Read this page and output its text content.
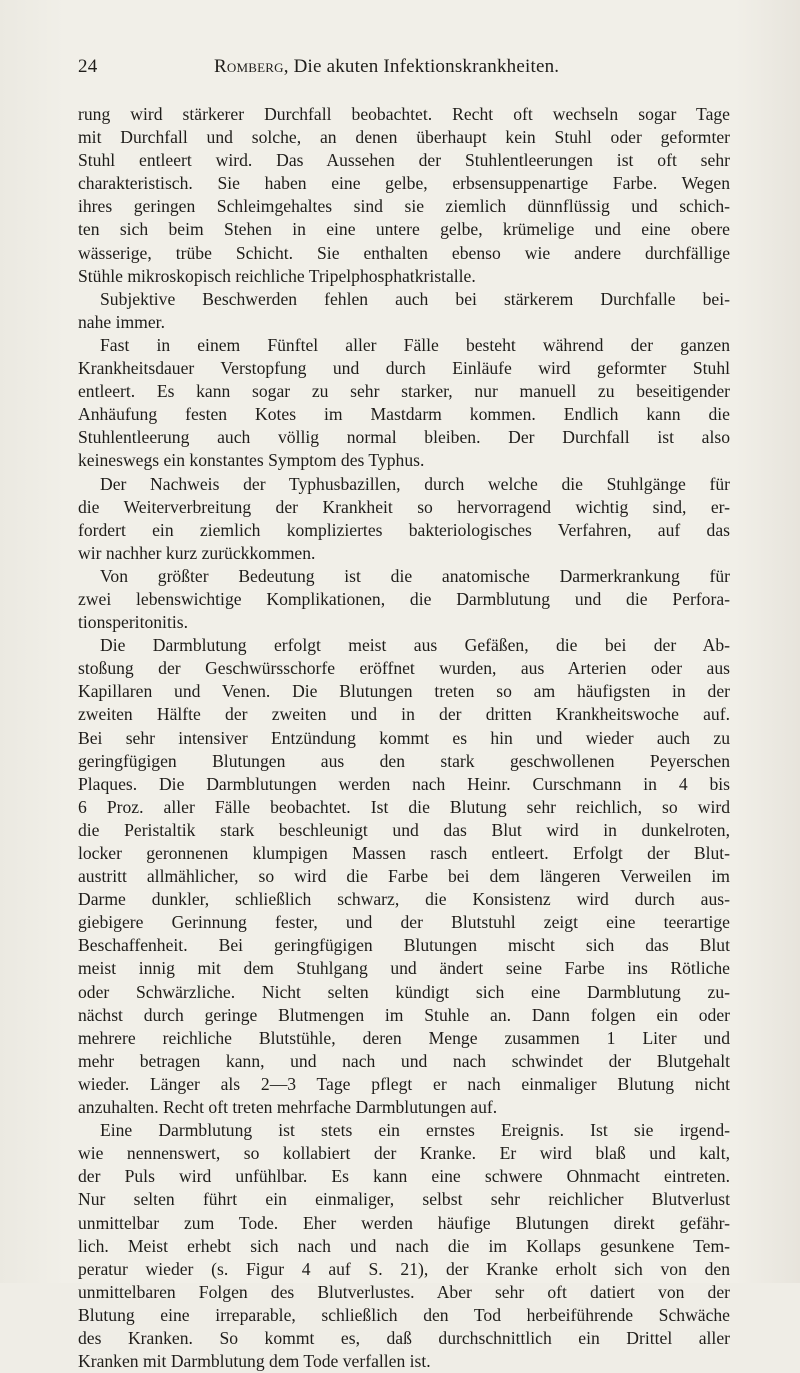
24	Romberg, Die akuten Infektionskrankheiten.
rung wird stärkerer Durchfall beobachtet. Recht oft wechseln sogar Tage
mit Durchfall und solche, an denen überhaupt kein Stuhl oder geformter
Stuhl entleert wird. Das Aussehen der Stuhlentleerungen ist oft sehr
charakteristisch. Sie haben eine gelbe, erbsensuppenartige Farbe. Wegen
ihres geringen Schleimgehaltes sind sie ziemlich dünnflüssig und schich-
ten sich beim Stehen in eine untere gelbe, krümelige und eine obere
wässerige, trübe Schicht. Sie enthalten ebenso wie andere durchfällige
Stühle mikroskopisch reichliche Tripelphosphatkristalle.
Subjektive Beschwerden fehlen auch bei stärkerem Durchfalle bei-
nahe immer.
Fast in einem Fünftel aller Fälle besteht während der ganzen
Krankheitsdauer Verstopfung und durch Einläufe wird geformter Stuhl
entleert. Es kann sogar zu sehr starker, nur manuell zu beseitigender
Anhäufung festen Kotes im Mastdarm kommen. Endlich kann die
Stuhlentleerung auch völlig normal bleiben. Der Durchfall ist also
keineswegs ein konstantes Symptom des Typhus.
Der Nachweis der Typhusbazillen, durch welche die Stuhlgänge für
die Weiterverbreitung der Krankheit so hervorragend wichtig sind, er-
fordert ein ziemlich kompliziertes bakteriologisches Verfahren, auf das
wir nachher kurz zurückkommen.
Von größter Bedeutung ist die anatomische Darmerkrankung für
zwei lebenswichtige Komplikationen, die Darmblutung und die Perfora-
tionsperitonitis.
Die Darmblutung erfolgt meist aus Gefäßen, die bei der Ab-
stoßung der Geschwürsschorfe eröffnet wurden, aus Arterien oder aus
Kapillaren und Venen. Die Blutungen treten so am häufigsten in der
zweiten Hälfte der zweiten und in der dritten Krankheitswoche auf.
Bei sehr intensiver Entzündung kommt es hin und wieder auch zu
geringfügigen Blutungen aus den stark geschwollenen Peyerschen
Plaques. Die Darmblutungen werden nach Heinr. Curschmann in 4 bis
6 Proz. aller Fälle beobachtet. Ist die Blutung sehr reichlich, so wird
die Peristaltik stark beschleunigt und das Blut wird in dunkelroten,
locker geronnenen klumpigen Massen rasch entleert. Erfolgt der Blut-
austritt allmählicher, so wird die Farbe bei dem längeren Verweilen im
Darme dunkler, schließlich schwarz, die Konsistenz wird durch aus-
giebigere Gerinnung fester, und der Blutstuhl zeigt eine teerartige
Beschaffenheit. Bei geringfügigen Blutungen mischt sich das Blut
meist innig mit dem Stuhlgang und ändert seine Farbe ins Rötliche
oder Schwärzliche. Nicht selten kündigt sich eine Darmblutung zu-
nächst durch geringe Blutmengen im Stuhle an. Dann folgen ein oder
mehrere reichliche Blutstühle, deren Menge zusammen 1 Liter und
mehr betragen kann, und nach und nach schwindet der Blutgehalt
wieder. Länger als 2—3 Tage pflegt er nach einmaliger Blutung nicht
anzuhalten. Recht oft treten mehrfache Darmblutungen auf.
Eine Darmblutung ist stets ein ernstes Ereignis. Ist sie irgend-
wie nennenswert, so kollabiert der Kranke. Er wird blaß und kalt,
der Puls wird unfühlbar. Es kann eine schwere Ohnmacht eintreten.
Nur selten führt ein einmaliger, selbst sehr reichlicher Blutverlust
unmittelbar zum Tode. Eher werden häufige Blutungen direkt gefähr-
lich. Meist erhebt sich nach und nach die im Kollaps gesunkene Tem-
peratur wieder (s. Figur 4 auf S. 21), der Kranke erholt sich von den
unmittelbaren Folgen des Blutverlustes. Aber sehr oft datiert von der
Blutung eine irreparable, schließlich den Tod herbeiführende Schwäche
des Kranken. So kommt es, daß durchschnittlich ein Drittel aller
Kranken mit Darmblutung dem Tode verfallen ist.
